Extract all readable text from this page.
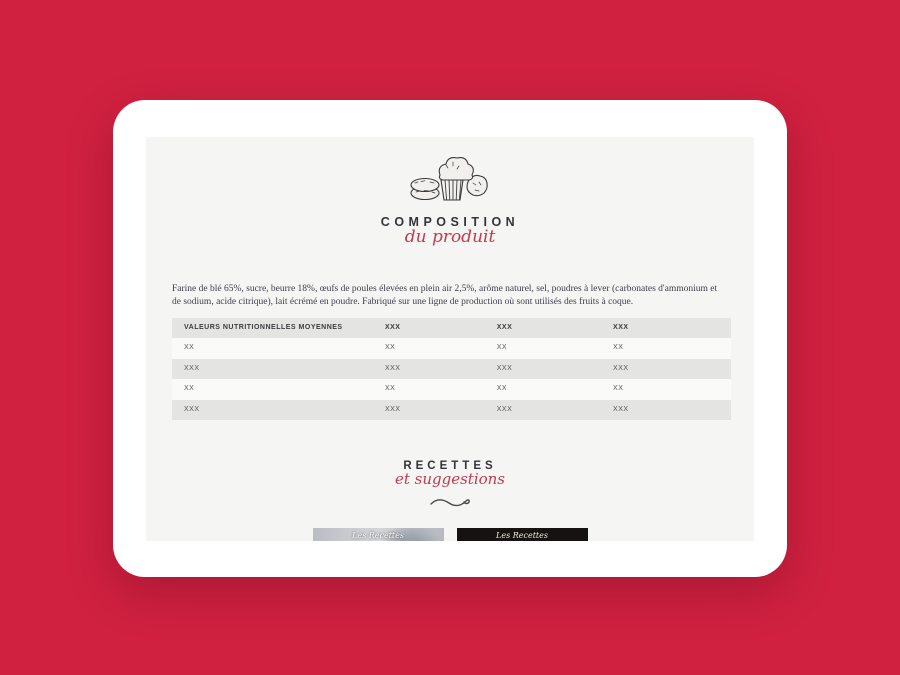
COMPOSITION
du produit

Farine de blé 65%, sucre, beurre 18%, œufs de poules élevées en plein air 2,5%, arôme naturel, sel, poudres à lever (carbonates d'ammonium et de sodium, acide citrique), lait écrémé en poudre. Fabriqué sur une ligne de production où sont utilisés des fruits à coque.

VALEURS NUTRITIONNELLES MOYENNES	XXX	XXX	XXX
XX	XX	XX	XX
XXX	XXX	XXX	XXX
XX	XX	XX	XX
XXX	XXX	XXX	XXX
RECETTES
et suggestions
Les Recettes	Les Recettes
